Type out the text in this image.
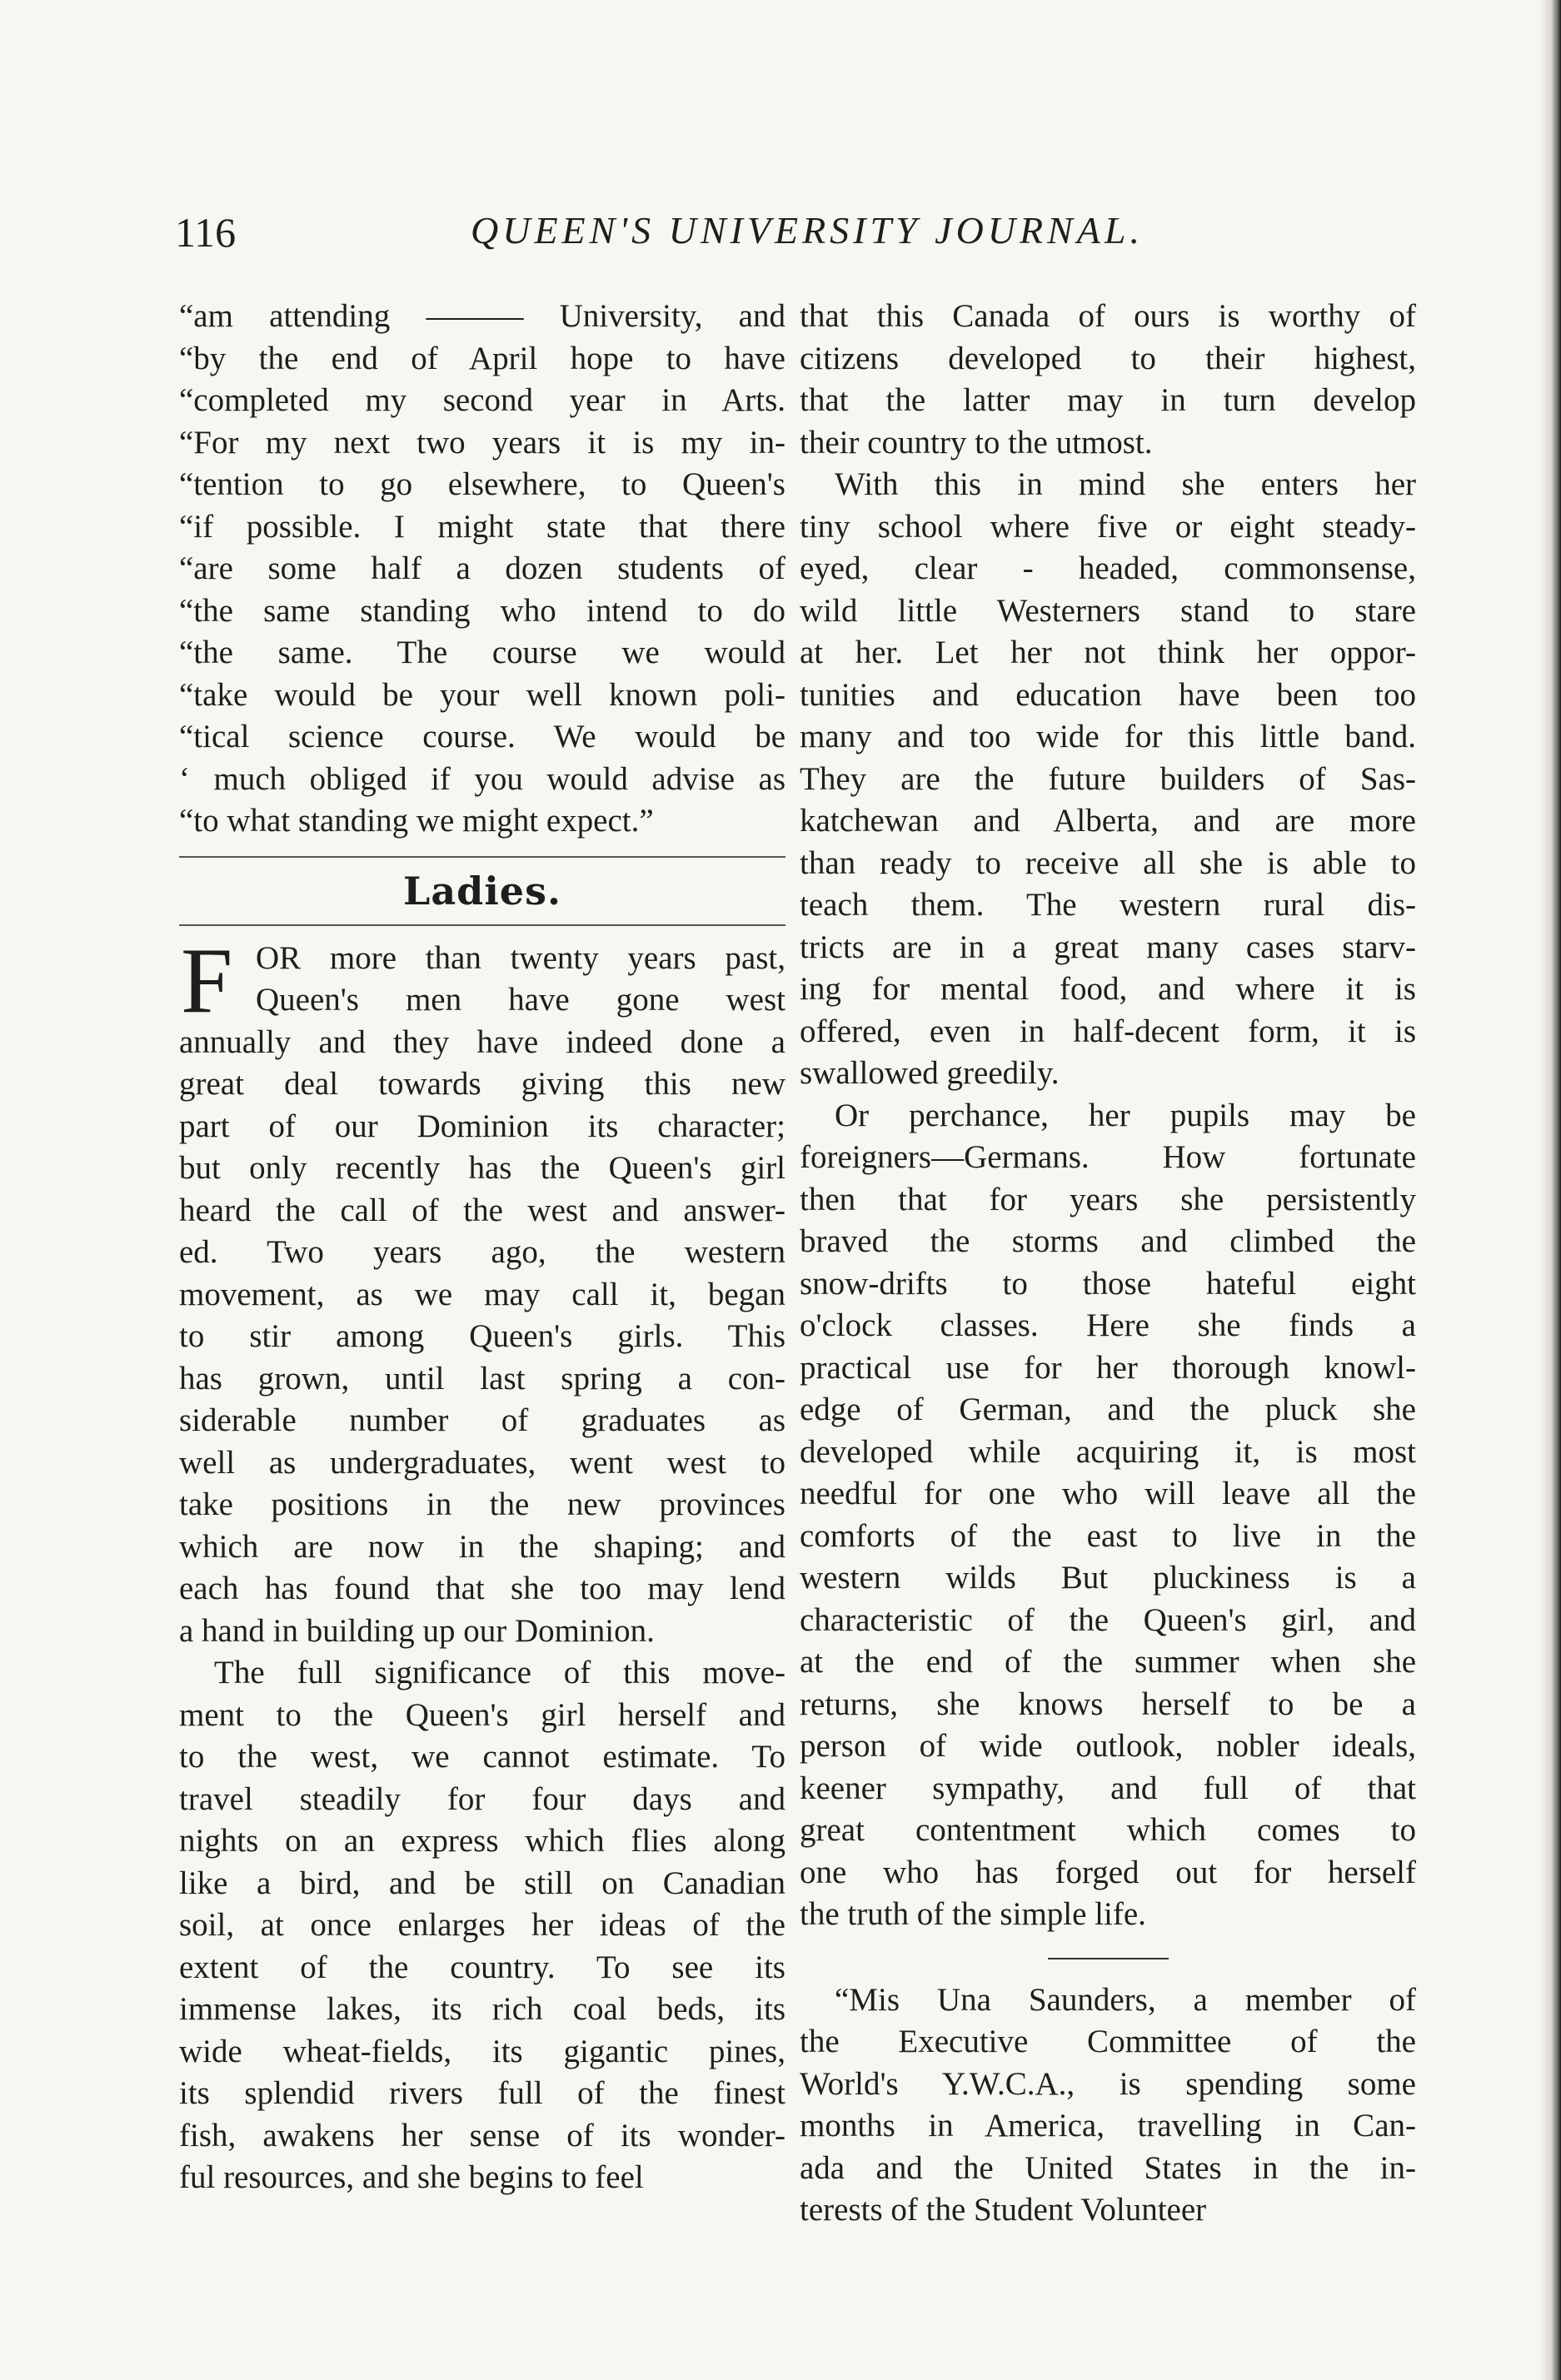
116	QUEEN'S UNIVERSITY JOURNAL.
“am attending ——— University, and
“by the end of April hope to have
“completed my second year in Arts.
“For my next two years it is my in-
“tention to go elsewhere, to Queen's
“if possible. I might state that there
“are some half a dozen students of
“the same standing who intend to do
“the same. The course we would
“take would be your well known poli-
“tical science course. We would be
‘ much obliged if you would advise as
“to what standing we might expect.”
Ladies.
F OR more than twenty years past,
Queen's men have gone west
annually and they have indeed done a
great deal towards giving this new
part of our Dominion its character;
but only recently has the Queen's girl
heard the call of the west and answer-
ed. Two years ago, the western
movement, as we may call it, began
to stir among Queen's girls. This
has grown, until last spring a con-
siderable number of graduates as
well as undergraduates, went west to
take positions in the new provinces
which are now in the shaping; and
each has found that she too may lend
a hand in building up our Dominion.
The full significance of this move-
ment to the Queen's girl herself and
to the west, we cannot estimate. To
travel steadily for four days and
nights on an express which flies along
like a bird, and be still on Canadian
soil, at once enlarges her ideas of the
extent of the country. To see its
immense lakes, its rich coal beds, its
wide wheat-fields, its gigantic pines,
its splendid rivers full of the finest
fish, awakens her sense of its wonder-
ful resources, and she begins to feel
that this Canada of ours is worthy of
citizens developed to their highest,
that the latter may in turn develop
their country to the utmost.
With this in mind she enters her
tiny school where five or eight steady-
eyed, clear - headed, commonsense,
wild little Westerners stand to stare
at her. Let her not think her oppor-
tunities and education have been too
many and too wide for this little band.
They are the future builders of Sas-
katchewan and Alberta, and are more
than ready to receive all she is able to
teach them. The western rural dis-
tricts are in a great many cases starv-
ing for mental food, and where it is
offered, even in half-decent form, it is
swallowed greedily.
Or perchance, her pupils may be
foreigners—Germans. How fortunate
then that for years she persistently
braved the storms and climbed the
snow-drifts to those hateful eight
o'clock classes. Here she finds a
practical use for her thorough knowl-
edge of German, and the pluck she
developed while acquiring it, is most
needful for one who will leave all the
comforts of the east to live in the
western wilds But pluckiness is a
characteristic of the Queen's girl, and
at the end of the summer when she
returns, she knows herself to be a
person of wide outlook, nobler ideals,
keener sympathy, and full of that
great contentment which comes to
one who has forged out for herself
the truth of the simple life.
“Mis Una Saunders, a member of
the Executive Committee of the
World's Y.W.C.A., is spending some
months in America, travelling in Can-
ada and the United States in the in-
terests of the Student Volunteer
